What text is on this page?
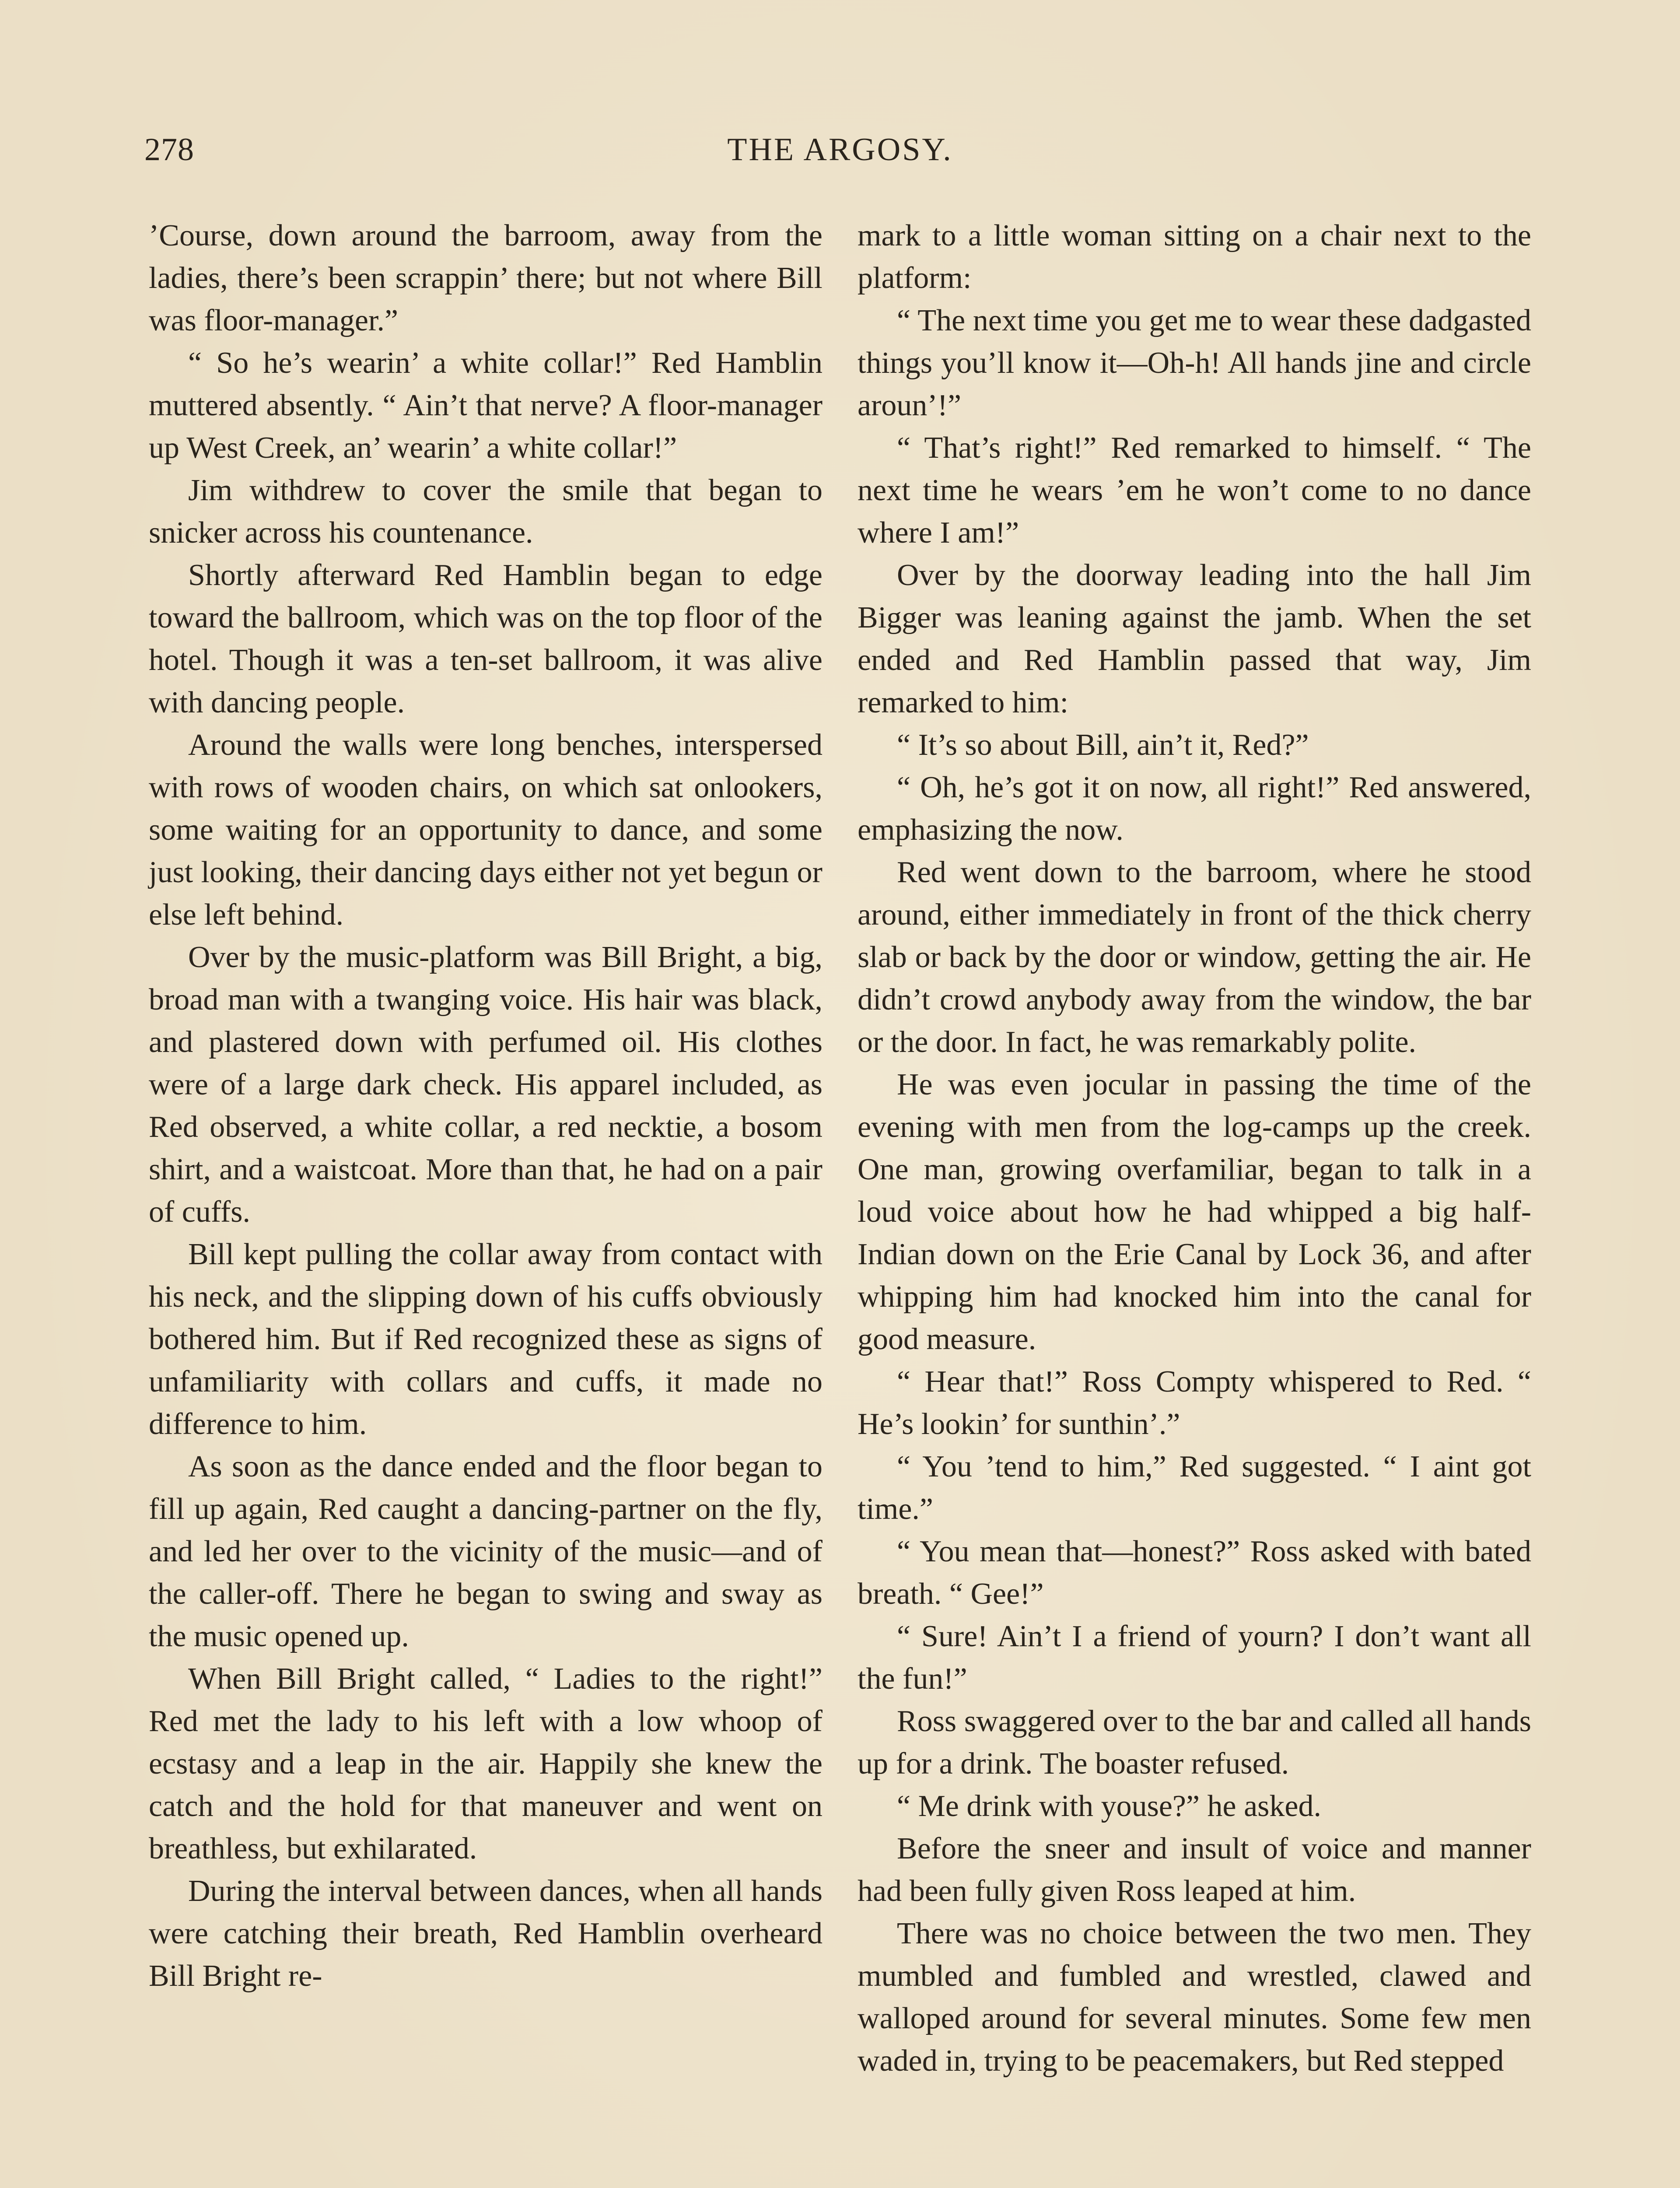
278	THE ARGOSY.

’Course, down around the barroom, away from the ladies, there’s been scrappin’ there; but not where Bill was floor-manager.”

“ So he’s wearin’ a white collar!” Red Hamblin muttered absently. “ Ain’t that nerve? A floor-manager up West Creek, an’ wearin’ a white collar!”

Jim withdrew to cover the smile that began to snicker across his countenance.

Shortly afterward Red Hamblin began to edge toward the ballroom, which was on the top floor of the hotel. Though it was a ten-set ballroom, it was alive with dancing people.

Around the walls were long benches, interspersed with rows of wooden chairs, on which sat onlookers, some waiting for an opportunity to dance, and some just looking, their dancing days either not yet begun or else left behind.

Over by the music-platform was Bill Bright, a big, broad man with a twanging voice. His hair was black, and plastered down with perfumed oil. His clothes were of a large dark check. His apparel included, as Red observed, a white collar, a red necktie, a bosom shirt, and a waistcoat. More than that, he had on a pair of cuffs.

Bill kept pulling the collar away from contact with his neck, and the slipping down of his cuffs obviously bothered him. But if Red recognized these as signs of unfamiliarity with collars and cuffs, it made no difference to him.

As soon as the dance ended and the floor began to fill up again, Red caught a dancing-partner on the fly, and led her over to the vicinity of the music—and of the caller-off. There he began to swing and sway as the music opened up.

When Bill Bright called, “ Ladies to the right!” Red met the lady to his left with a low whoop of ecstasy and a leap in the air. Happily she knew the catch and the hold for that maneuver and went on breathless, but exhilarated.

During the interval between dances, when all hands were catching their breath, Red Hamblin overheard Bill Bright re-

mark to a little woman sitting on a chair next to the platform:

“ The next time you get me to wear these dadgasted things you’ll know it—Oh-h! All hands jine and circle aroun’!”

“ That’s right!” Red remarked to himself. “ The next time he wears ’em he won’t come to no dance where I am!”

Over by the doorway leading into the hall Jim Bigger was leaning against the jamb. When the set ended and Red Hamblin passed that way, Jim remarked to him:

“ It’s so about Bill, ain’t it, Red?”

“ Oh, he’s got it on now, all right!” Red answered, emphasizing the now.

Red went down to the barroom, where he stood around, either immediately in front of the thick cherry slab or back by the door or window, getting the air. He didn’t crowd anybody away from the window, the bar or the door. In fact, he was remarkably polite.

He was even jocular in passing the time of the evening with men from the log-camps up the creek. One man, growing overfamiliar, began to talk in a loud voice about how he had whipped a big half-Indian down on the Erie Canal by Lock 36, and after whipping him had knocked him into the canal for good measure.

“ Hear that!” Ross Compty whispered to Red. “ He’s lookin’ for sunthin’.”

“ You ’tend to him,” Red suggested. “ I aint got time.”

“ You mean that—honest?” Ross asked with bated breath. “ Gee!”

“ Sure! Ain’t I a friend of yourn? I don’t want all the fun!”

Ross swaggered over to the bar and called all hands up for a drink. The boaster refused.

“ Me drink with youse?” he asked.

Before the sneer and insult of voice and manner had been fully given Ross leaped at him.

There was no choice between the two men. They mumbled and fumbled and wrestled, clawed and walloped around for several minutes. Some few men waded in, trying to be peacemakers, but Red stepped
